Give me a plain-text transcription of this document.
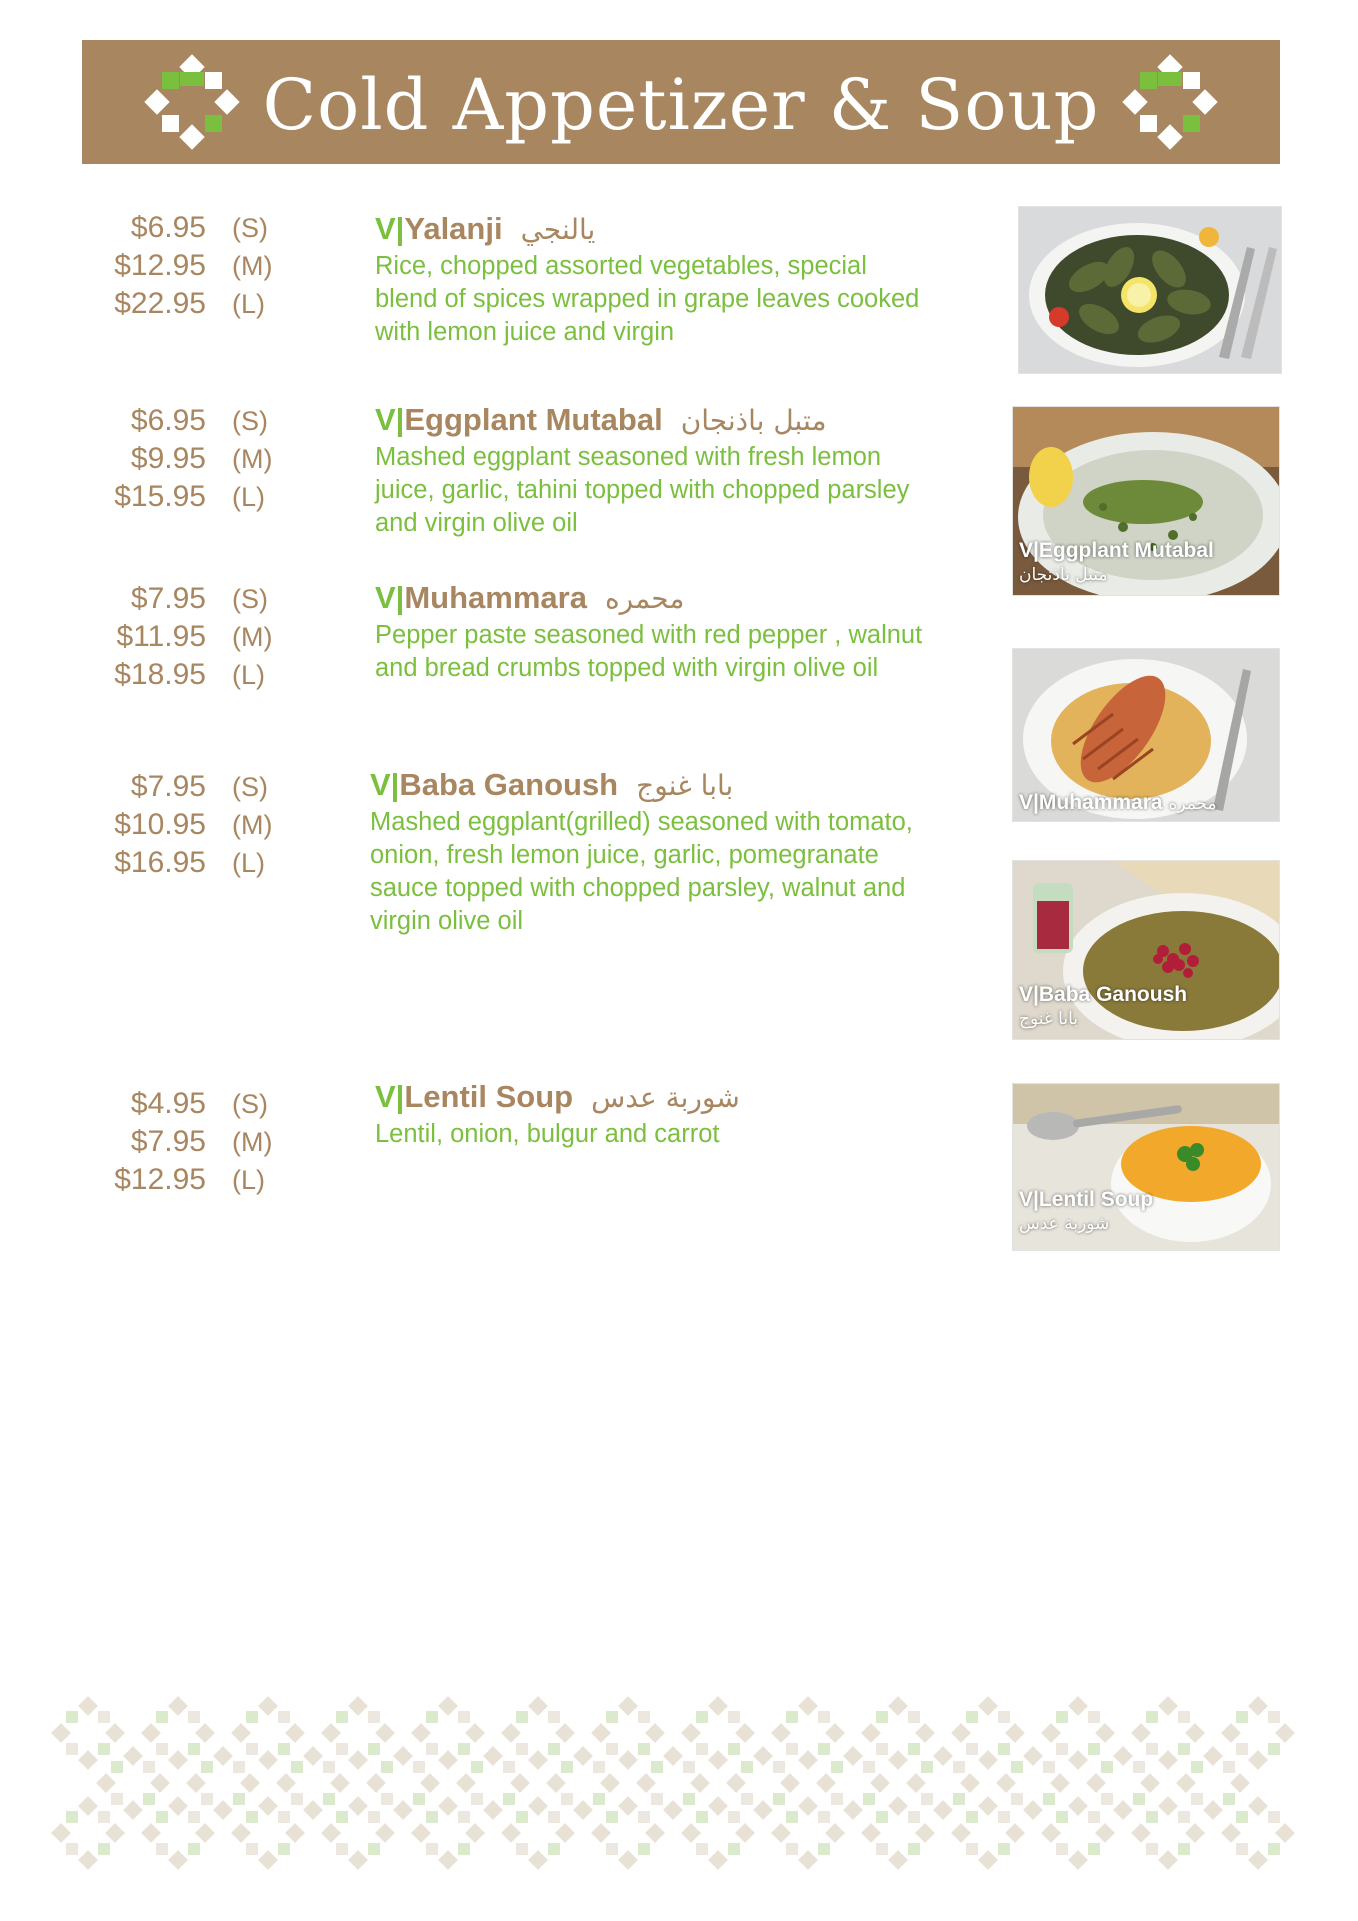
Cold Appetizer & Soup
$6.95 (S)
$12.95 (M)
$22.95 (L)
V|Yalanji يالنجي
Rice, chopped assorted vegetables, special blend of spices wrapped in grape leaves cooked with lemon juice and virgin
$6.95 (S)
$9.95 (M)
$15.95 (L)
V|Eggplant Mutabal متبل باذنجان
Mashed eggplant seasoned with fresh lemon juice, garlic, tahini topped with chopped parsley and virgin olive oil
$7.95 (S)
$11.95 (M)
$18.95 (L)
V|Muhammara محمره
Pepper paste seasoned with red pepper , walnut and bread crumbs topped with virgin olive oil
$7.95 (S)
$10.95 (M)
$16.95 (L)
V|Baba Ganoush بابا غنوج
Mashed eggplant(grilled) seasoned with tomato, onion, fresh lemon juice, garlic, pomegranate sauce topped with chopped parsley, walnut and virgin olive oil
$4.95 (S)
$7.95 (M)
$12.95 (L)
V|Lentil Soup شوربة عدس
Lentil, onion, bulgur and carrot
V|Eggplant Mutabal
متبل باذنجان
V|Muhammara محمره
V|Baba Ganoush
بابا غنوج
V|Lentil Soup
شوربة عدس
